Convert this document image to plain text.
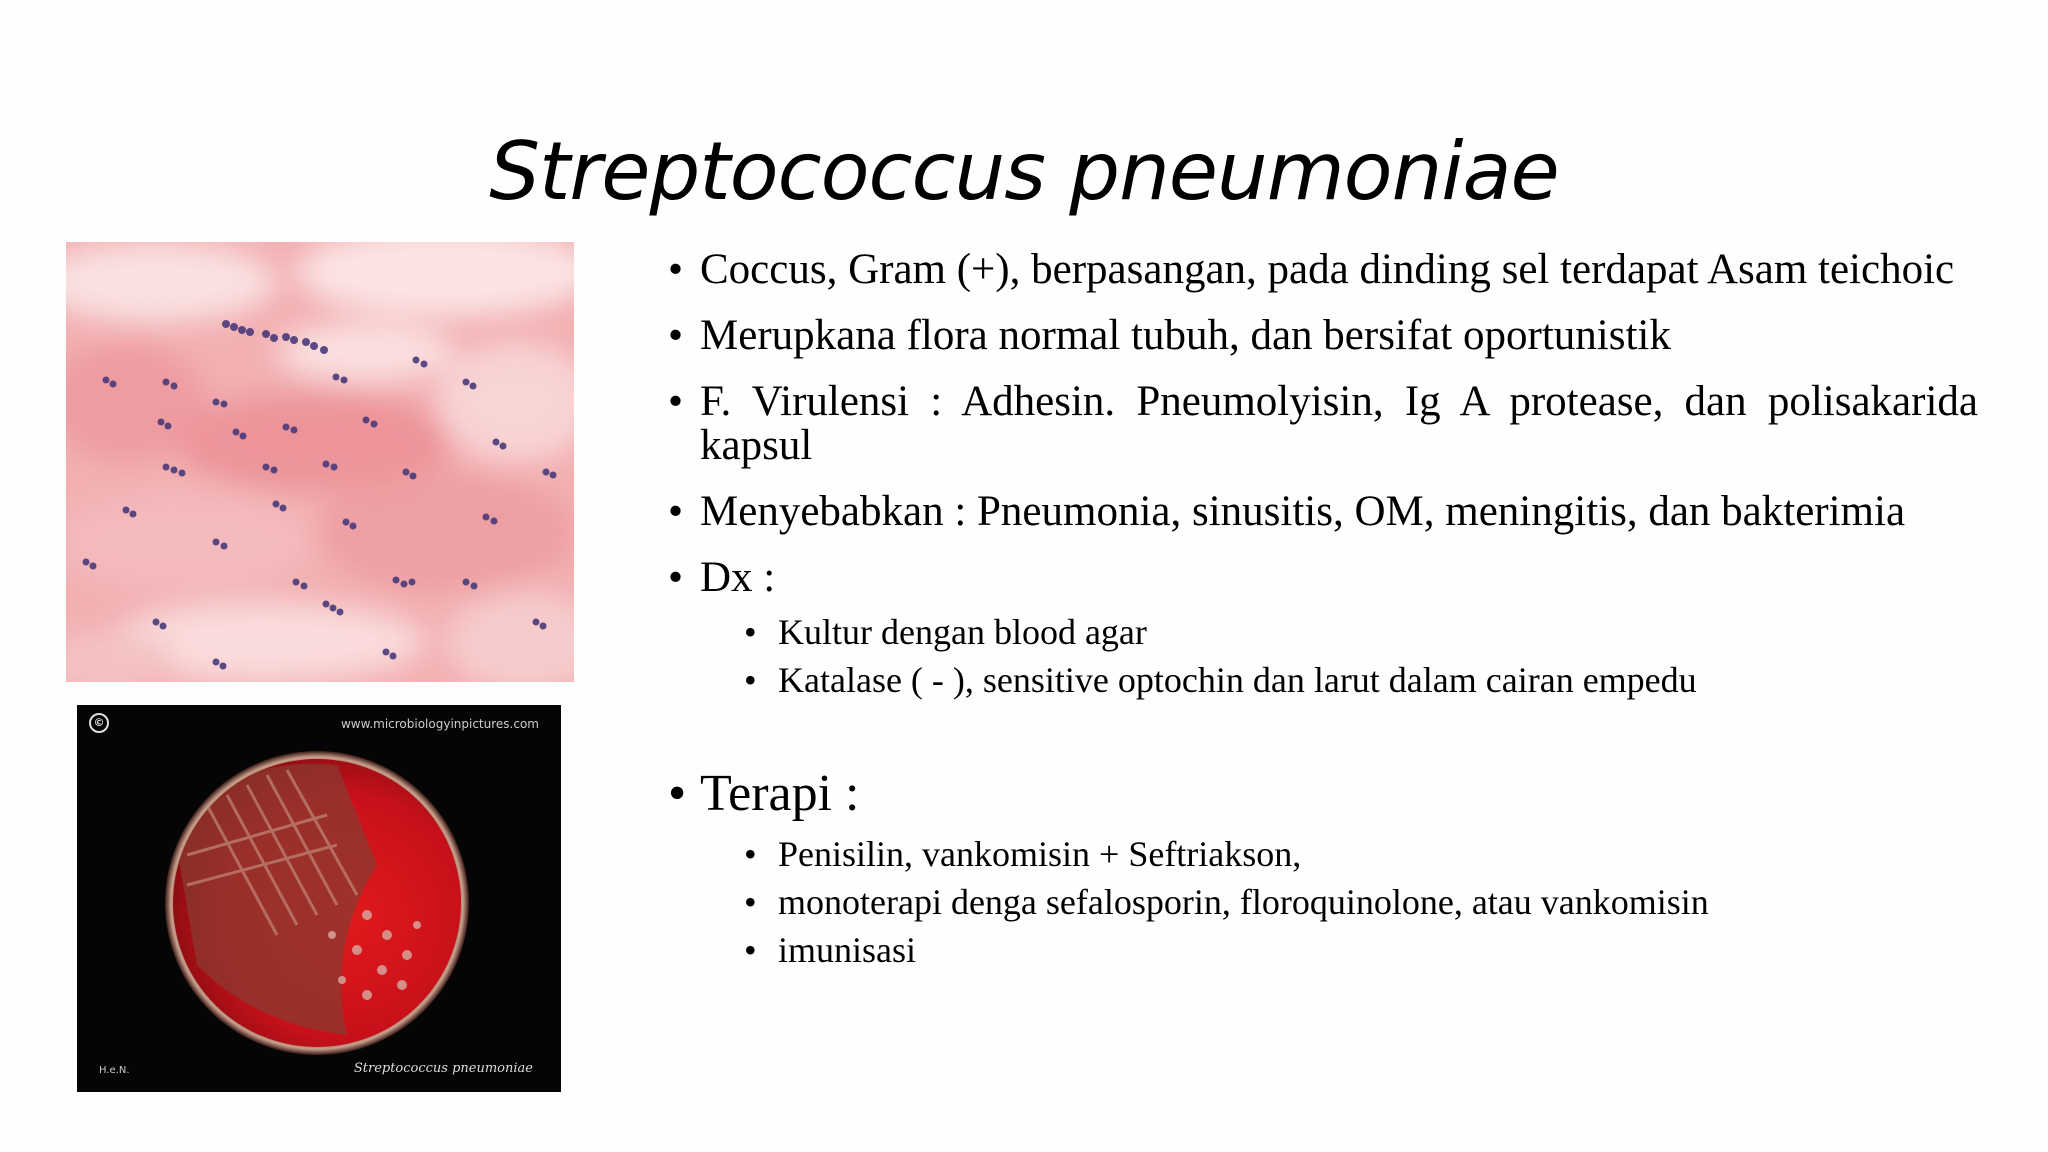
Streptococcus pneumoniae
©	www.microbiologyinpictures.com
H.e.N.	Streptococcus pneumoniae
• Coccus, Gram (+), berpasangan, pada dinding sel terdapat Asam teichoic
• Merupkana flora normal tubuh, dan bersifat oportunistik
• F. Virulensi : Adhesin. Pneumolyisin, Ig A protease, dan polisakarida kapsul
• Menyebabkan : Pneumonia, sinusitis, OM, meningitis, dan bakterimia
• Dx :
• Kultur dengan blood agar
• Katalase ( - ), sensitive optochin dan larut dalam cairan empedu
• Terapi :
• Penisilin, vankomisin + Seftriakson,
• monoterapi denga sefalosporin, floroquinolone, atau vankomisin
• imunisasi
